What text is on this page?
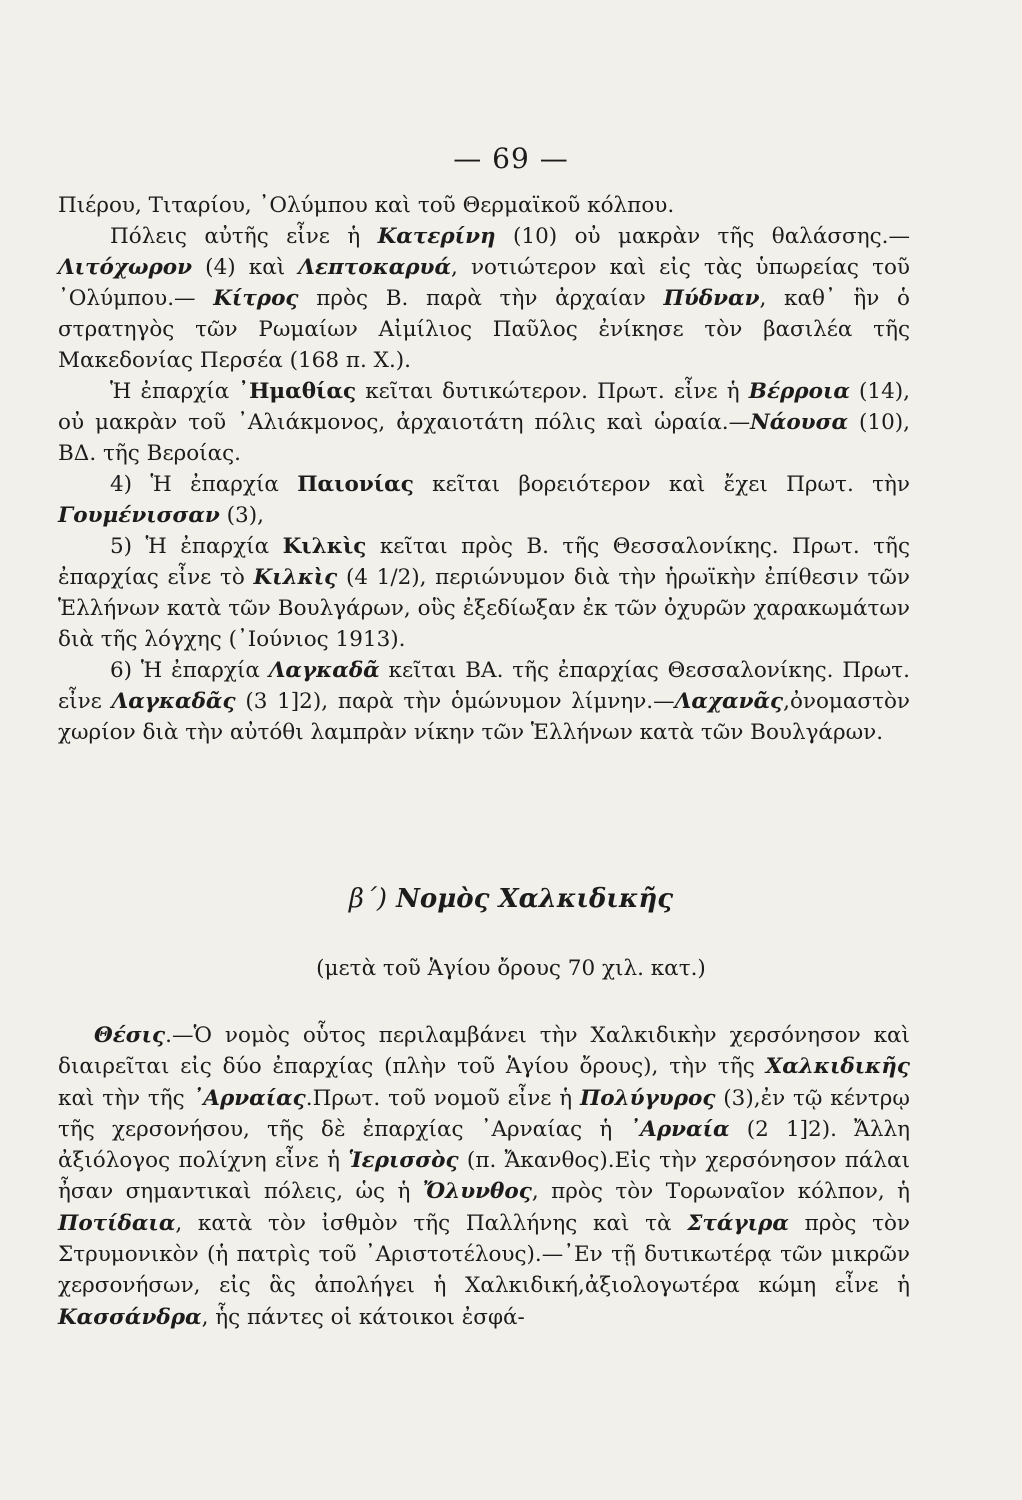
— 69 —

Πιέρου, Τιταρίου, ᾿Ολύμπου καὶ τοῦ Θερμαϊκοῦ κόλπου.

Πόλεις αὐτῆς εἶνε ἡ Κατερίνη (10) οὐ μακρὰν τῆς θαλάσσης.— Λιτόχωρον (4) καὶ Λεπτοκαρυά, νοτιώτερον καὶ εἰς τὰς ὑπωρείας τοῦ ᾿Ολύμπου.— Κίτρος πρὸς Β. παρὰ τὴν ἀρχαίαν Πύδναν, καθ᾿ ἣν ὁ στρατηγὸς τῶν Ρωμαίων Αἰμίλιος Παῦλος ἐνίκησε τὸν βασιλέα τῆς Μακεδονίας Περσέα (168 π. Χ.).

Ἡ ἐπαρχία ᾿Ημαθίας κεῖται δυτικώτερον. Πρωτ. εἶνε ἡ Βέρροια (14), οὐ μακρὰν τοῦ ᾿Αλιάκμονος, ἀρχαιοτάτη πόλις καὶ ὡραία.—Νάουσα (10), ΒΔ. τῆς Βεροίας.

4) Ἡ ἐπαρχία Παιονίας κεῖται βορειότερον καὶ ἔχει Πρωτ. τὴν Γουμένισσαν (3),

5) Ἡ ἐπαρχία Κιλκὶς κεῖται πρὸς Β. τῆς Θεσσαλονίκης. Πρωτ. τῆς ἐπαρχίας εἶνε τὸ Κιλκὶς (4 1/2), περιώνυμον διὰ τὴν ἡρωϊκὴν ἐπίθεσιν τῶν Ἑλλήνων κατὰ τῶν Βουλγάρων, οὓς ἐξεδίωξαν ἐκ τῶν ὀχυρῶν χαρακωμάτων διὰ τῆς λόγχης (᾿Ιούνιος 1913).

6) Ἡ ἐπαρχία Λαγκαδᾶ κεῖται ΒΑ. τῆς ἐπαρχίας Θεσσαλονίκης. Πρωτ. εἶνε Λαγκαδᾶς (3 1]2), παρὰ τὴν ὁμώνυμον λίμνην.—Λαχανᾶς,ὀνομαστὸν χωρίον διὰ τὴν αὐτόθι λαμπρὰν νίκην τῶν Ἑλλήνων κατὰ τῶν Βουλγάρων.

β΄) Νομὸς Χαλκιδικῆς
(μετὰ τοῦ Ἁγίου ὄρους 70 χιλ. κατ.)

Θέσις.—Ὁ νομὸς οὗτος περιλαμβάνει τὴν Χαλκιδικὴν χερσόνησον καὶ διαιρεῖται εἰς δύο ἐπαρχίας (πλὴν τοῦ Ἁγίου ὄρους), τὴν τῆς Χαλκιδικῆς καὶ τὴν τῆς ᾿Αρναίας.Πρωτ. τοῦ νομοῦ εἶνε ἡ Πολύγυρος (3),ἐν τῷ κέντρῳ τῆς χερσονήσου, τῆς δὲ ἐπαρχίας ᾿Αρναίας ἡ ᾿Αρναία (2 1]2). Ἄλλη ἀξιόλογος πολίχνη εἶνε ἡ Ἱερισσὸς (π. Ἄκανθος).Εἰς τὴν χερσόνησον πάλαι ἦσαν σημαντικαὶ πόλεις, ὡς ἡ Ὄλυνθος, πρὸς τὸν Τορωναῖον κόλπον, ἡ Ποτίδαια, κατὰ τὸν ἰσθμὸν τῆς Παλλήνης καὶ τὰ Στάγιρα πρὸς τὸν Στρυμονικὸν (ἡ πατρὶς τοῦ ᾿Αριστοτέλους).—᾿Εν τῇ δυτικωτέρᾳ τῶν μικρῶν χερσονήσων, εἰς ἃς ἀπολήγει ἡ Χαλκιδική,ἀξιολογωτέρα κώμη εἶνε ἡ Κασσάνδρα, ἧς πάντες οἱ κάτοικοι ἐσφά-
